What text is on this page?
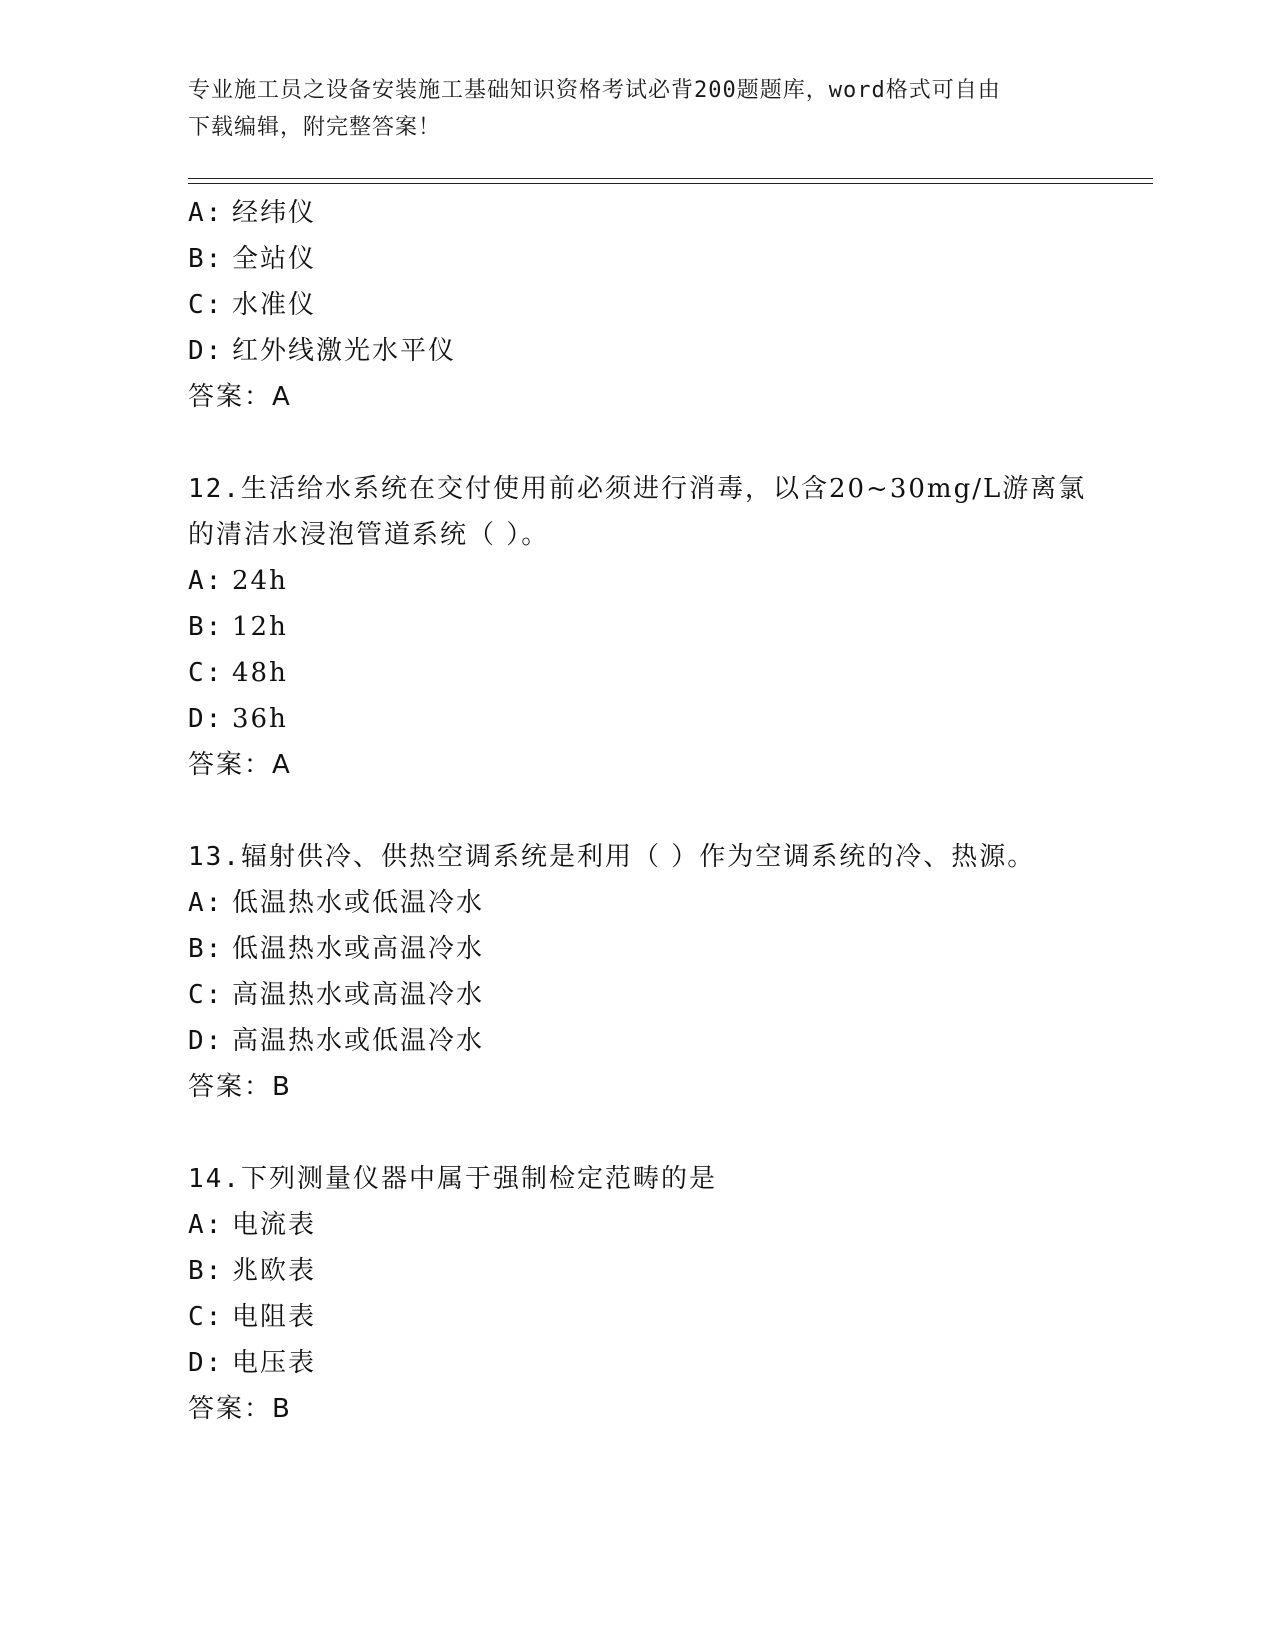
专业施工员之设备安装施工基础知识资格考试必背200题题库，word格式可自由
下载编辑，附完整答案！
A: 经纬仪
B: 全站仪
C: 水准仪
D: 红外线激光水平仪
答案：A
12.生活给水系统在交付使用前必须进行消毒，以含20~30mg/L游离氯
的清洁水浸泡管道系统（ ）。
A: 24h
B: 12h
C: 48h
D: 36h
答案：A
13.辐射供冷、供热空调系统是利用（ ）作为空调系统的冷、热源。
A: 低温热水或低温冷水
B: 低温热水或高温冷水
C: 高温热水或高温冷水
D: 高温热水或低温冷水
答案：B
14.下列测量仪器中属于强制检定范畴的是
A: 电流表
B: 兆欧表
C: 电阻表
D: 电压表
答案：B
